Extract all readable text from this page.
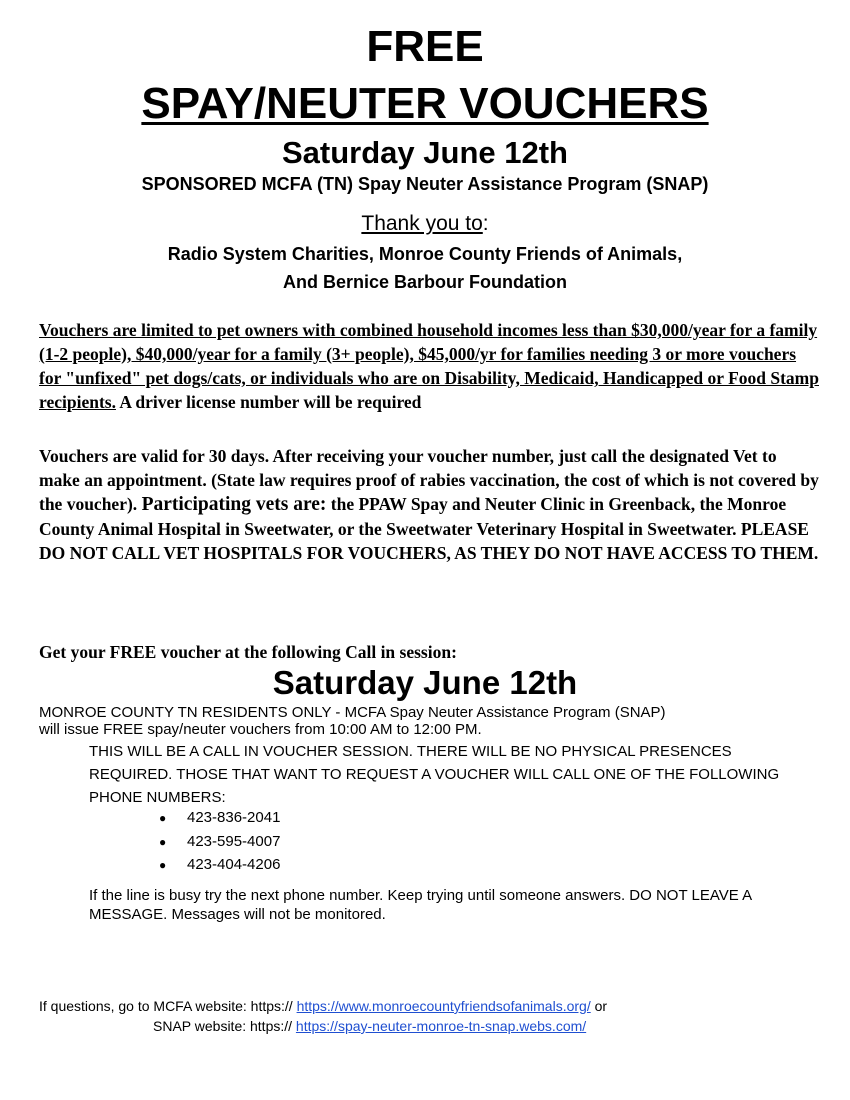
FREE
SPAY/NEUTER VOUCHERS
Saturday June 12th
SPONSORED MCFA (TN) Spay Neuter Assistance Program (SNAP)
Thank you to:
Radio System Charities, Monroe County Friends of Animals,
And Bernice Barbour Foundation
Vouchers are limited to pet owners with combined household incomes less than $30,000/year for a family (1-2 people), $40,000/year for a family (3+ people), $45,000/yr for families needing 3 or more vouchers for "unfixed" pet dogs/cats, or individuals who are on Disability, Medicaid, Handicapped or Food Stamp recipients. A driver license number will be required
Vouchers are valid for 30 days. After receiving your voucher number, just call the designated Vet to make an appointment. (State law requires proof of rabies vaccination, the cost of which is not covered by the voucher). Participating vets are: the PPAW Spay and Neuter Clinic in Greenback, the Monroe County Animal Hospital in Sweetwater, or the Sweetwater Veterinary Hospital in Sweetwater. PLEASE DO NOT CALL VET HOSPITALS FOR VOUCHERS, AS THEY DO NOT HAVE ACCESS TO THEM.
Get your FREE voucher at the following Call in session:
Saturday June 12th
MONROE COUNTY TN RESIDENTS ONLY - MCFA Spay Neuter Assistance Program (SNAP)
will issue FREE spay/neuter vouchers from 10:00 AM to 12:00 PM.
THIS WILL BE A CALL IN VOUCHER SESSION. THERE WILL BE NO PHYSICAL PRESENCES REQUIRED. THOSE THAT WANT TO REQUEST A VOUCHER WILL CALL ONE OF THE FOLLOWING PHONE NUMBERS:
● 423-836-2041
● 423-595-4007
● 423-404-4206
If the line is busy try the next phone number. Keep trying until someone answers. DO NOT LEAVE A MESSAGE. Messages will not be monitored.
If questions, go to MCFA website: https:// https://www.monroecountyfriendsofanimals.org/ or
SNAP website: https:// https://spay-neuter-monroe-tn-snap.webs.com/
